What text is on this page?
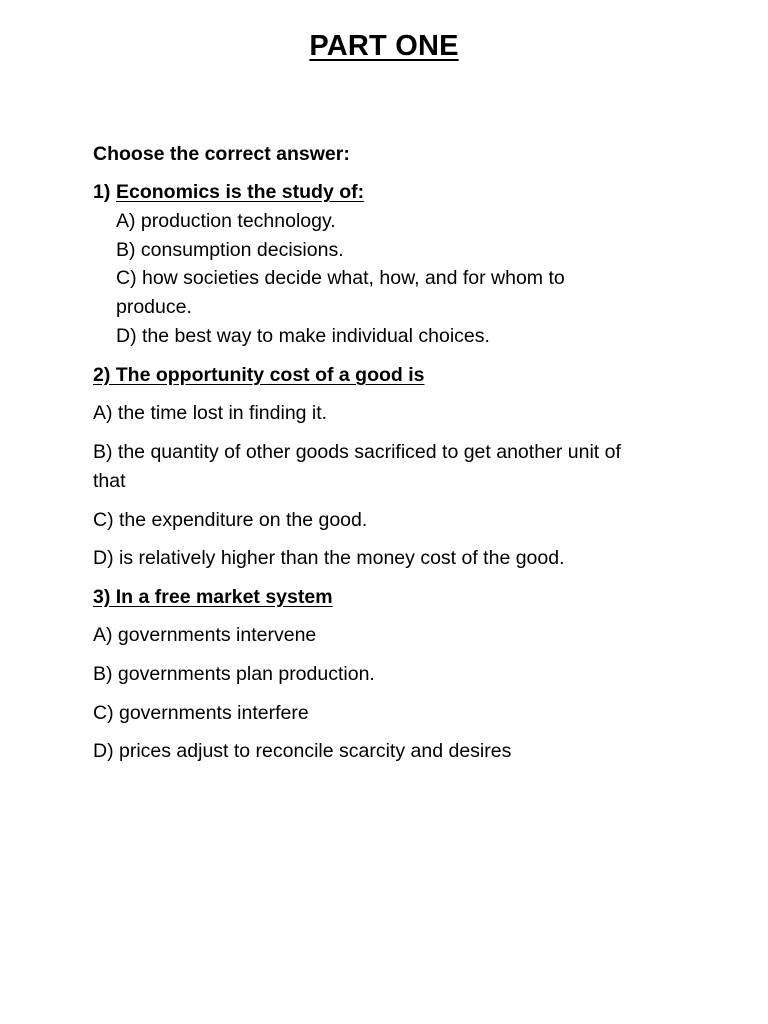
PART ONE
Choose the correct answer:
1) Economics is the study of:
A) production technology.
B) consumption decisions.
C) how societies decide what, how, and for whom to
produce.
D) the best way to make individual choices.
2) The opportunity cost of a good is
A) the time lost in finding it.
B) the quantity of other goods sacrificed to get another unit of
that
C) the expenditure on the good.
D) is relatively higher than the money cost of the good.
3) In a free market system
A) governments intervene
B) governments plan production.
C) governments interfere
D) prices adjust to reconcile scarcity and desires
